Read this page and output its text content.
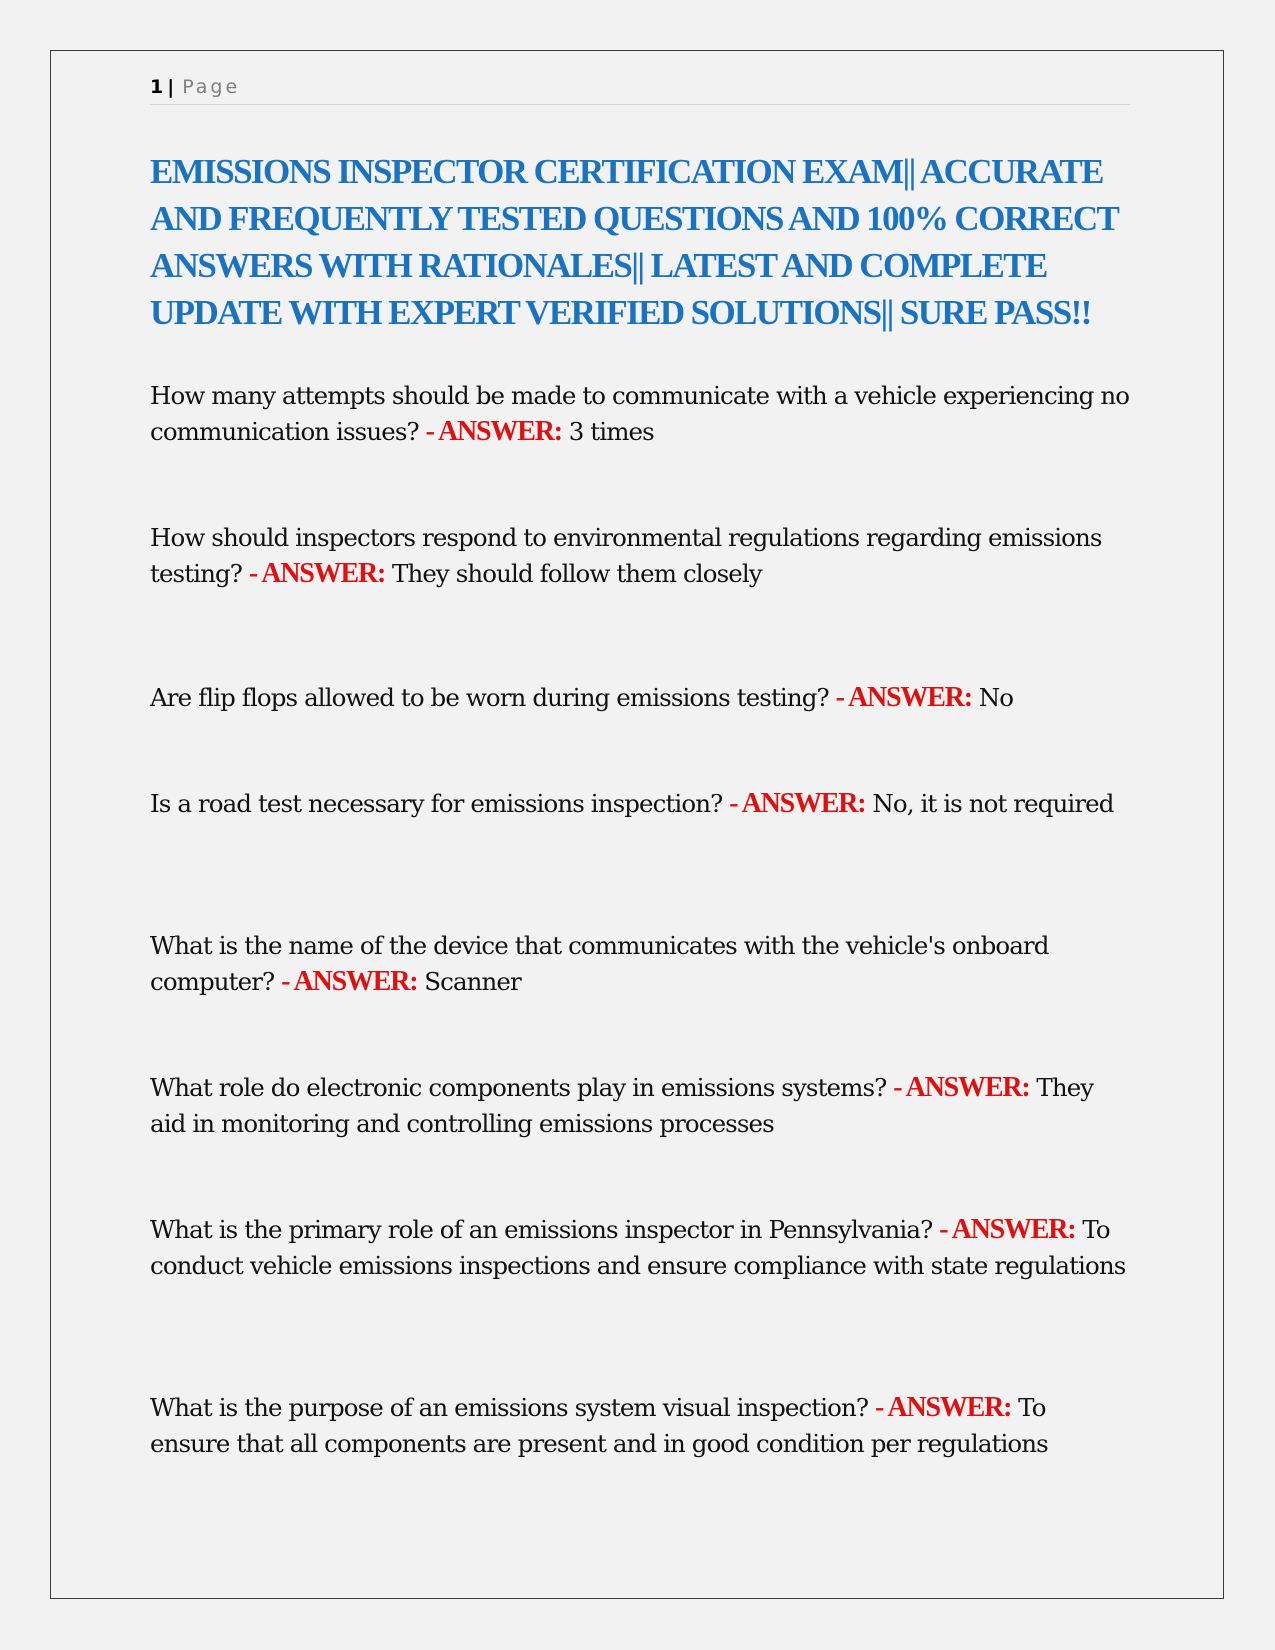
1 | Page
EMISSIONS INSPECTOR CERTIFICATION EXAM|| ACCURATE AND FREQUENTLY TESTED QUESTIONS AND 100% CORRECT ANSWERS WITH RATIONALES|| LATEST AND COMPLETE UPDATE WITH EXPERT VERIFIED SOLUTIONS|| SURE PASS!!

How many attempts should be made to communicate with a vehicle experiencing no communication issues? - ANSWER: 3 times

How should inspectors respond to environmental regulations regarding emissions testing? - ANSWER: They should follow them closely

Are flip flops allowed to be worn during emissions testing? - ANSWER: No

Is a road test necessary for emissions inspection? - ANSWER: No, it is not required

What is the name of the device that communicates with the vehicle's onboard computer? - ANSWER: Scanner

What role do electronic components play in emissions systems? - ANSWER: They aid in monitoring and controlling emissions processes

What is the primary role of an emissions inspector in Pennsylvania? - ANSWER: To conduct vehicle emissions inspections and ensure compliance with state regulations

What is the purpose of an emissions system visual inspection? - ANSWER: To ensure that all components are present and in good condition per regulations
